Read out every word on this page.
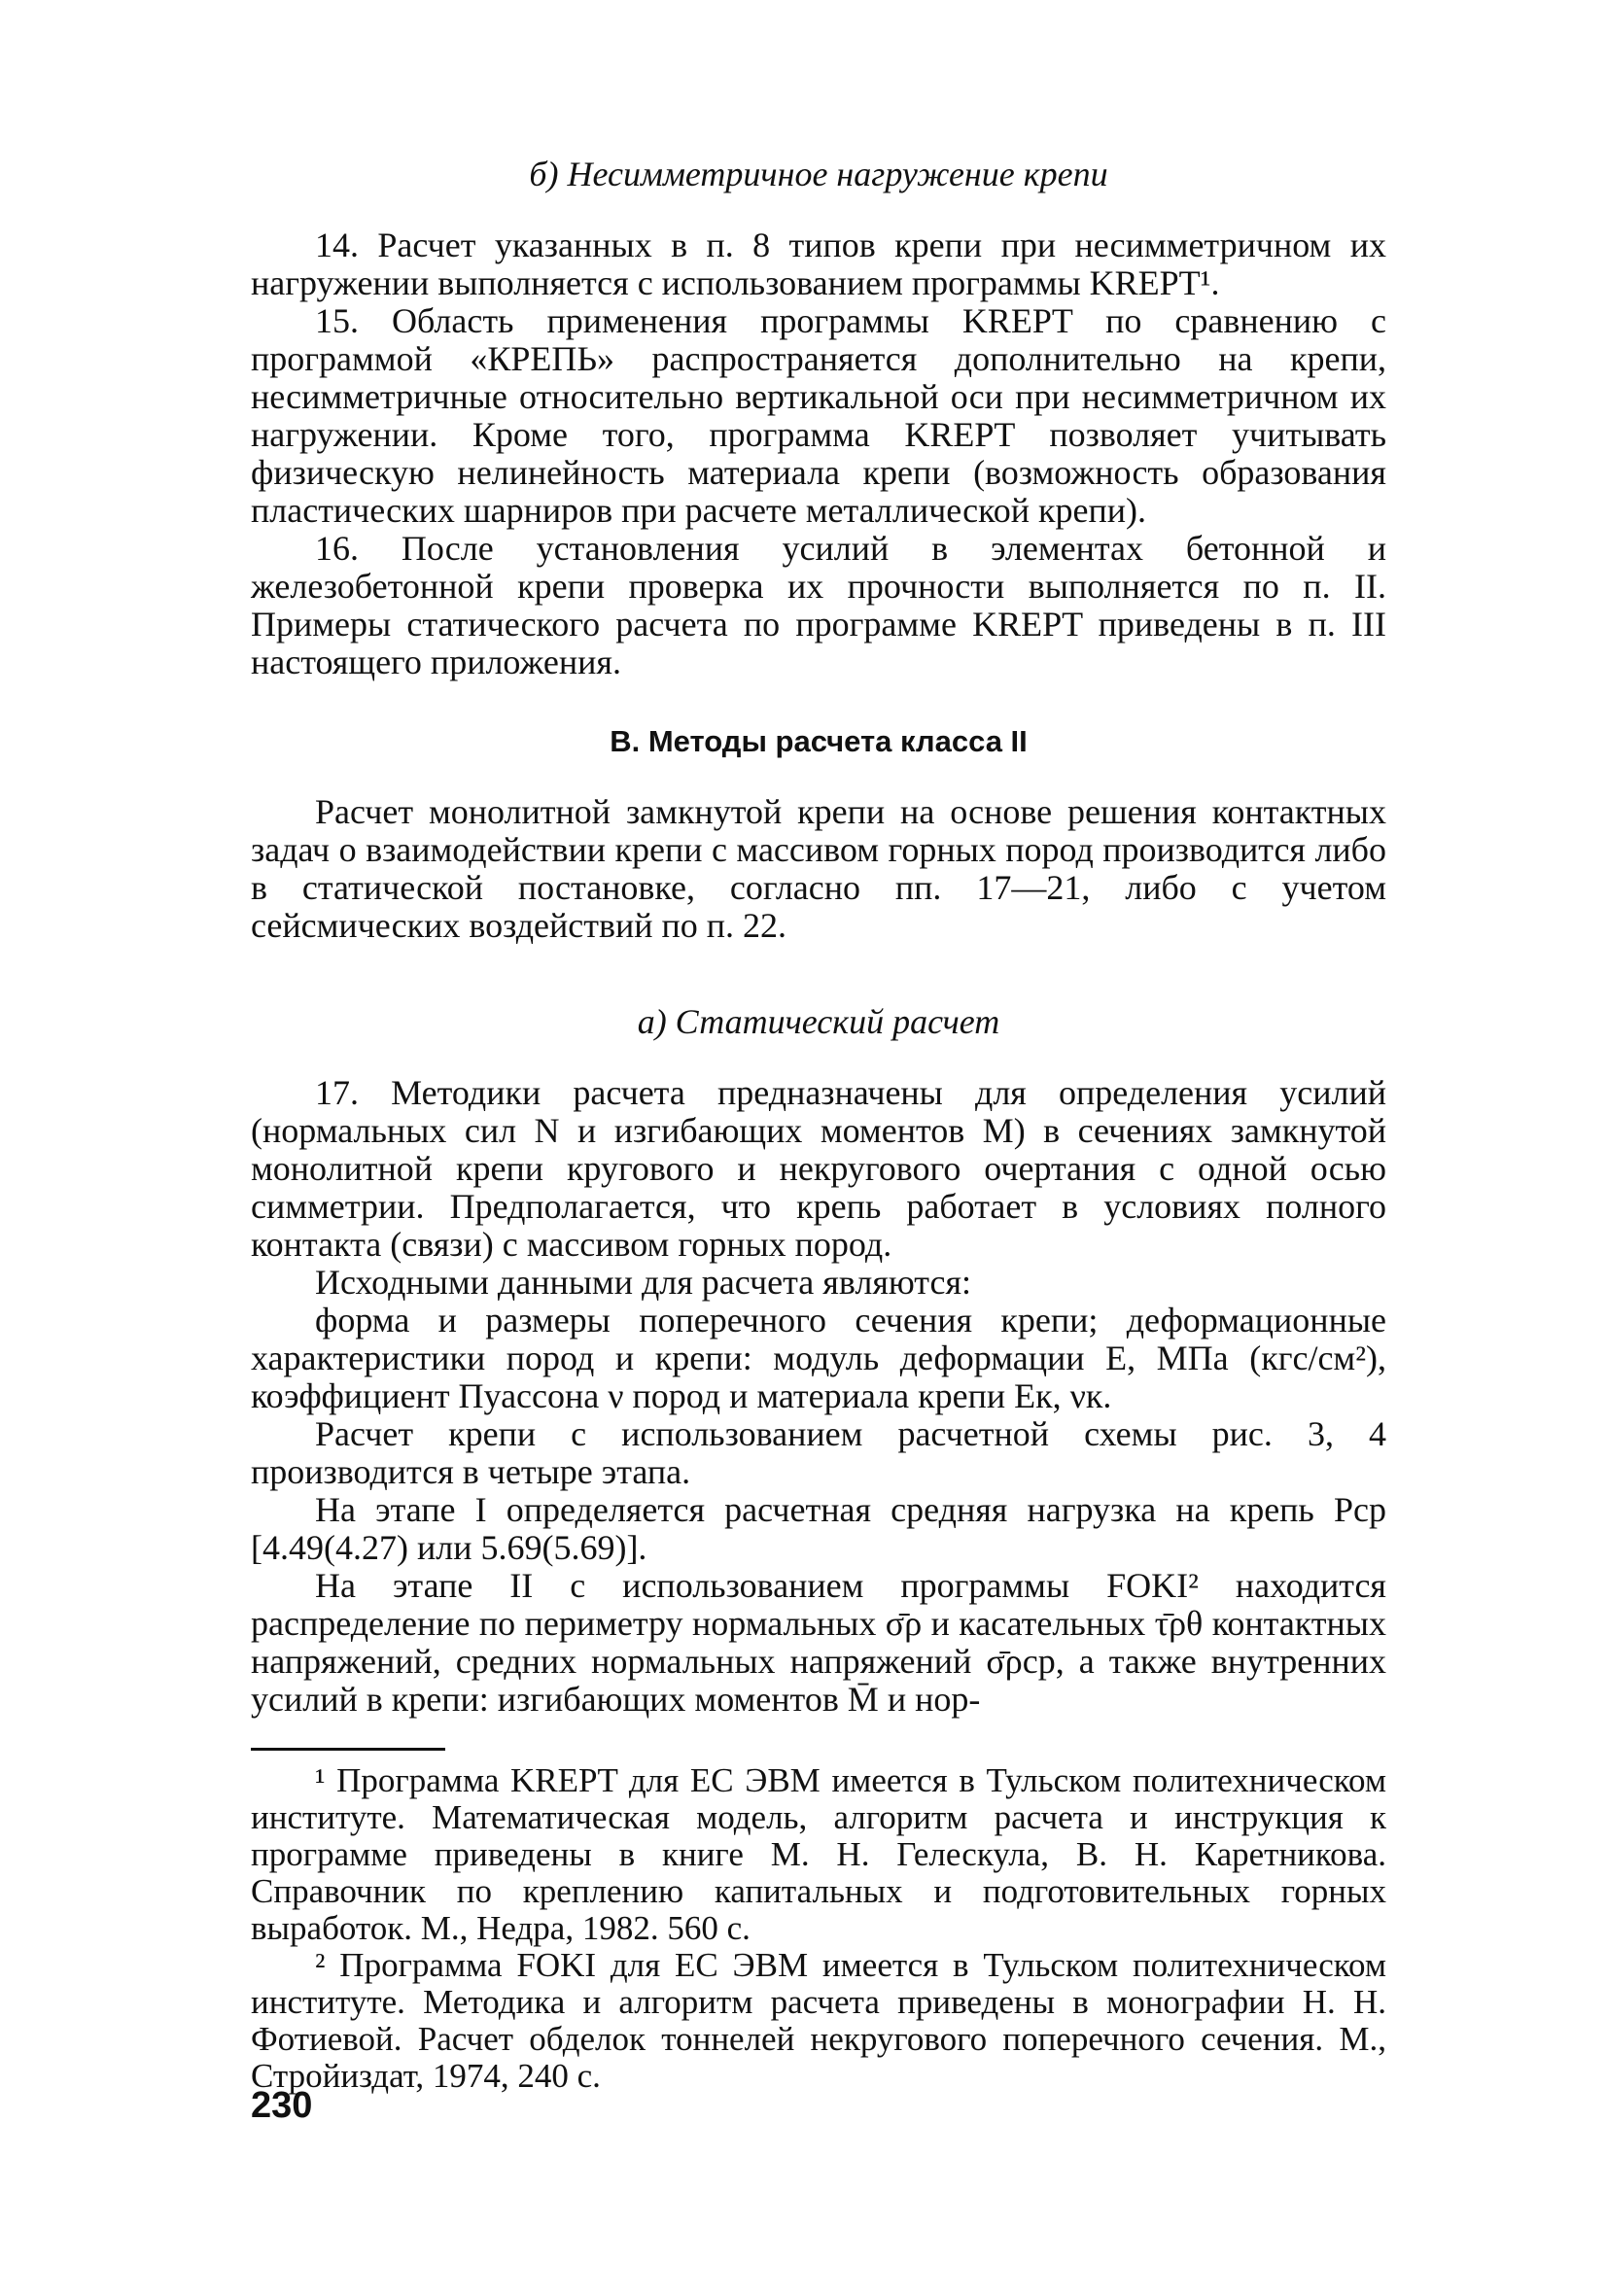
б) Несимметричное нагружение крепи

14. Расчет указанных в п. 8 типов крепи при несимметричном их нагружении выполняется с использованием программы KREPT¹.

15. Область применения программы KREPT по сравнению с программой «КРЕПЬ» распространяется дополнительно на крепи, несимметричные относительно вертикальной оси при несимметричном их нагружении. Кроме того, программа KREPT позволяет учитывать физическую нелинейность материала крепи (возможность образования пластических шарниров при расчете металлической крепи).

16. После установления усилий в элементах бетонной и железобетонной крепи проверка их прочности выполняется по п. II. Примеры статического расчета по программе KREPT приведены в п. III настоящего приложения.

В. Методы расчета класса II

Расчет монолитной замкнутой крепи на основе решения контактных задач о взаимодействии крепи с массивом горных пород производится либо в статической постановке, согласно пп. 17—21, либо с учетом сейсмических воздействий по п. 22.

а) Статический расчет

17. Методики расчета предназначены для определения усилий (нормальных сил N и изгибающих моментов M) в сечениях замкнутой монолитной крепи кругового и некругового очертания с одной осью симметрии. Предполагается, что крепь работает в условиях полного контакта (связи) с массивом горных пород.

Исходными данными для расчета являются:

форма и размеры поперечного сечения крепи; деформационные характеристики пород и крепи: модуль деформации E, МПа (кгс/см²), коэффициент Пуассона ν пород и материала крепи Eк, νк.

Расчет крепи с использованием расчетной схемы рис. 3, 4 производится в четыре этапа.

На этапе I определяется расчетная средняя нагрузка на крепь Pср [4.49(4.27) или 5.69(5.69)].

На этапе II с использованием программы FOKI² находится распределение по периметру нормальных σ̄ρ и касательных τ̄ρθ контактных напряжений, средних нормальных напряжений σ̄ρср, а также внутренних усилий в крепи: изгибающих моментов M̄ и нор-

¹ Программа KREPT для ЕС ЭВМ имеется в Тульском политехническом институте. Математическая модель, алгоритм расчета и инструкция к программе приведены в книге М. Н. Гелескула, В. Н. Каретникова. Справочник по креплению капитальных и подготовительных горных выработок. М., Недра, 1982. 560 с.

² Программа FOKI для ЕС ЭВМ имеется в Тульском политехническом институте. Методика и алгоритм расчета приведены в монографии Н. Н. Фотиевой. Расчет обделок тоннелей некругового поперечного сечения. М., Стройиздат, 1974, 240 с.

230
